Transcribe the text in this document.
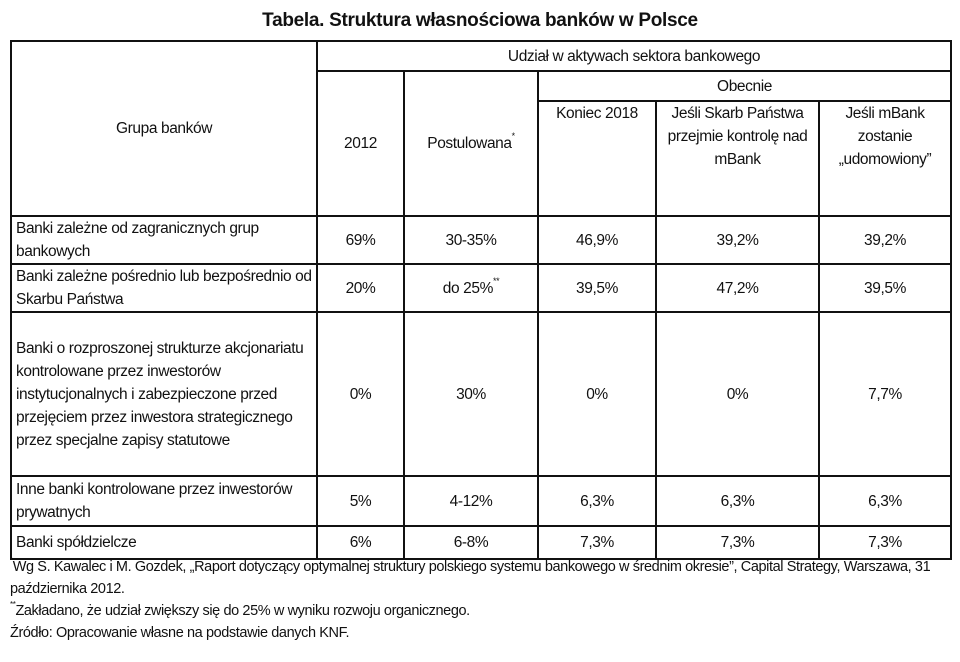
Tabela. Struktura własnościowa banków w Polsce
Grupa banków	Udział w aktywach sektora bankowego				
	2012	Postulowana*	Obecnie		
			Koniec 2018	Jeśli Skarb Państwa przejmie kontrolę nad mBank	Jeśli mBank zostanie „udomowiony”

Banki zależne od zagranicznych grup bankowych	69%	30-35%	46,9%	39,2%	39,2%
Banki zależne pośrednio lub bezpośrednio od Skarbu Państwa	20%	do 25%**	39,5%	47,2%	39,5%
Banki o rozproszonej strukturze akcjonariatu kontrolowane przez inwestorów instytucjonalnych i zabezpieczone przed przejęciem przez inwestora strategicznego przez specjalne zapisy statutowe	0%	30%	0%	0%	7,7%
Inne banki kontrolowane przez inwestorów prywatnych	5%	4-12%	6,3%	6,3%	6,3%
Banki spółdzielcze	6%	6-8%	7,3%	7,3%	7,3%
*Wg S. Kawalec i M. Gozdek, „Raport dotyczący optymalnej struktury polskiego systemu bankowego w średnim okresie”, Capital Strategy, Warszawa, 31 października 2012.
**Zakładano, że udział zwiększy się do 25% w wyniku rozwoju organicznego.
Źródło: Opracowanie własne na podstawie danych KNF.
